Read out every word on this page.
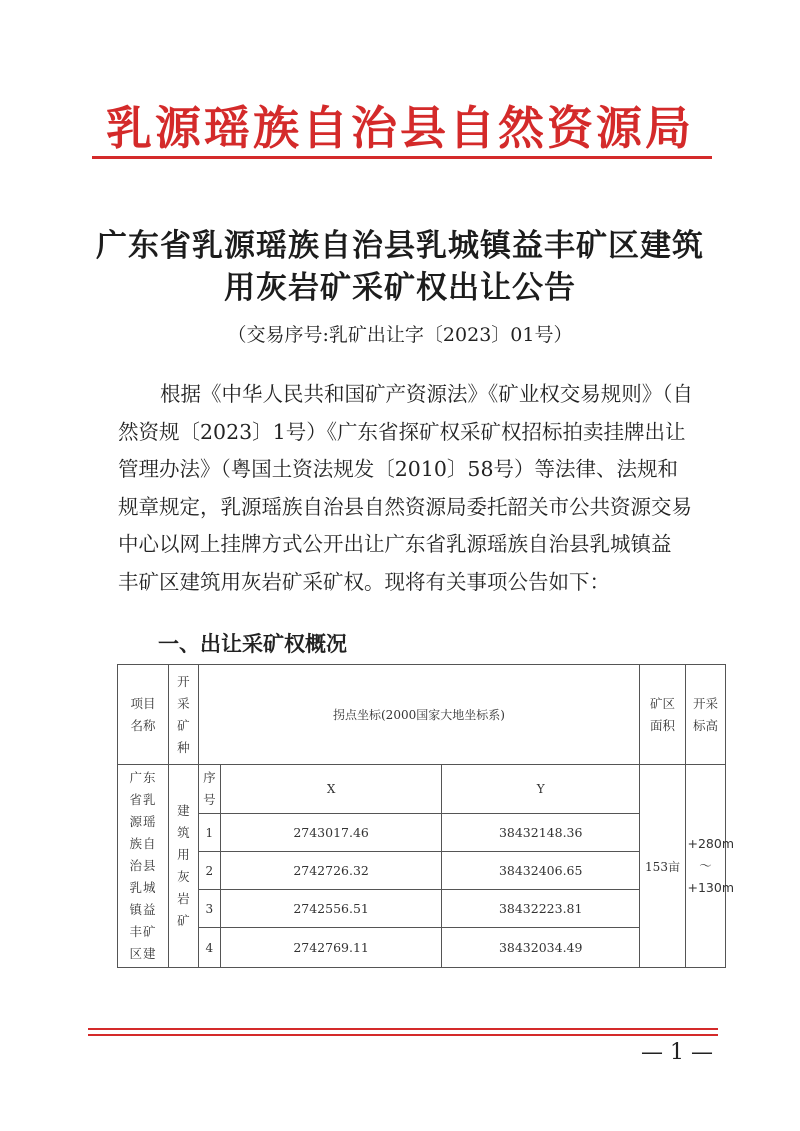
乳源瑶族自治县自然资源局
广东省乳源瑶族自治县乳城镇益丰矿区建筑
用灰岩矿采矿权出让公告
（交易序号:乳矿出让字〔2023〕01号）
根据《中华人民共和国矿产资源法》《矿业权交易规则》（自
然资规〔2023〕1号）《广东省探矿权采矿权招标拍卖挂牌出让
管理办法》（粤国土资法规发〔2010〕58号）等法律、法规和
规章规定，乳源瑶族自治县自然资源局委托韶关市公共资源交易
中心以网上挂牌方式公开出让广东省乳源瑶族自治县乳城镇益
丰矿区建筑用灰岩矿采矿权。现将有关事项公告如下：
一、出让采矿权概况
项目名称	开采矿种	拐点坐标(2000国家大地坐标系)			矿区面积	开采标高

广东省乳源瑶族自治县乳城镇益丰矿区建	建筑用灰岩矿	序号	X	Y	153亩	+280m～+130m

		1	2743017.46	38432148.36		
		2	2742726.32	38432406.65		
		3	2742556.51	38432223.81		
		4	2742769.11	38432034.49		
— 1 —
